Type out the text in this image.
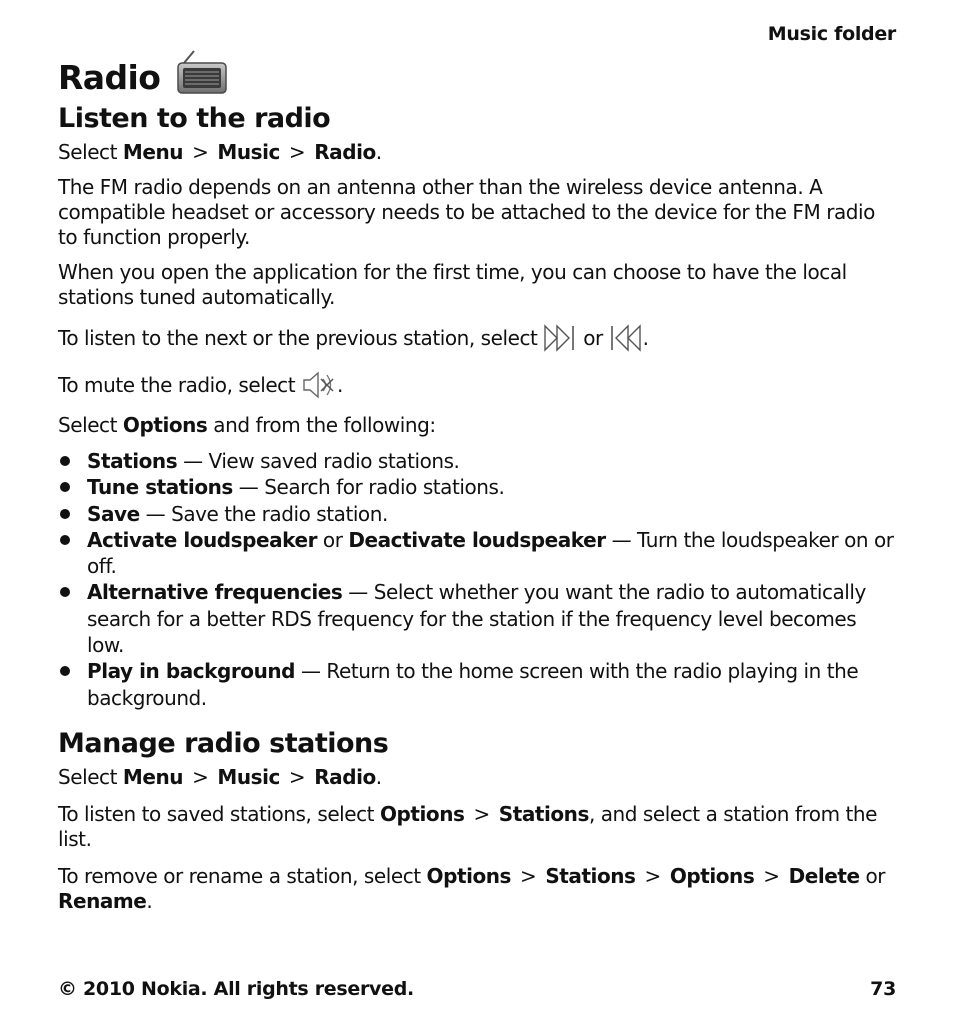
Music folder
Radio
Listen to the radio

Select Menu > Music > Radio.

The FM radio depends on an antenna other than the wireless device antenna. A compatible headset or accessory needs to be attached to the device for the FM radio to function properly.

When you open the application for the first time, you can choose to have the local stations tuned automatically.

To listen to the next or the previous station, select  or .

To mute the radio, select .

Select Options and from the following:

Stations — View saved radio stations.
Tune stations — Search for radio stations.
Save — Save the radio station.
Activate loudspeaker or Deactivate loudspeaker — Turn the loudspeaker on or off.
Alternative frequencies — Select whether you want the radio to automatically search for a better RDS frequency for the station if the frequency level becomes low.
Play in background — Return to the home screen with the radio playing in the background.
Manage radio stations

Select Menu > Music > Radio.

To listen to saved stations, select Options > Stations, and select a station from the list.

To remove or rename a station, select Options > Stations > Options > Delete or Rename.

© 2010 Nokia. All rights reserved.	73
